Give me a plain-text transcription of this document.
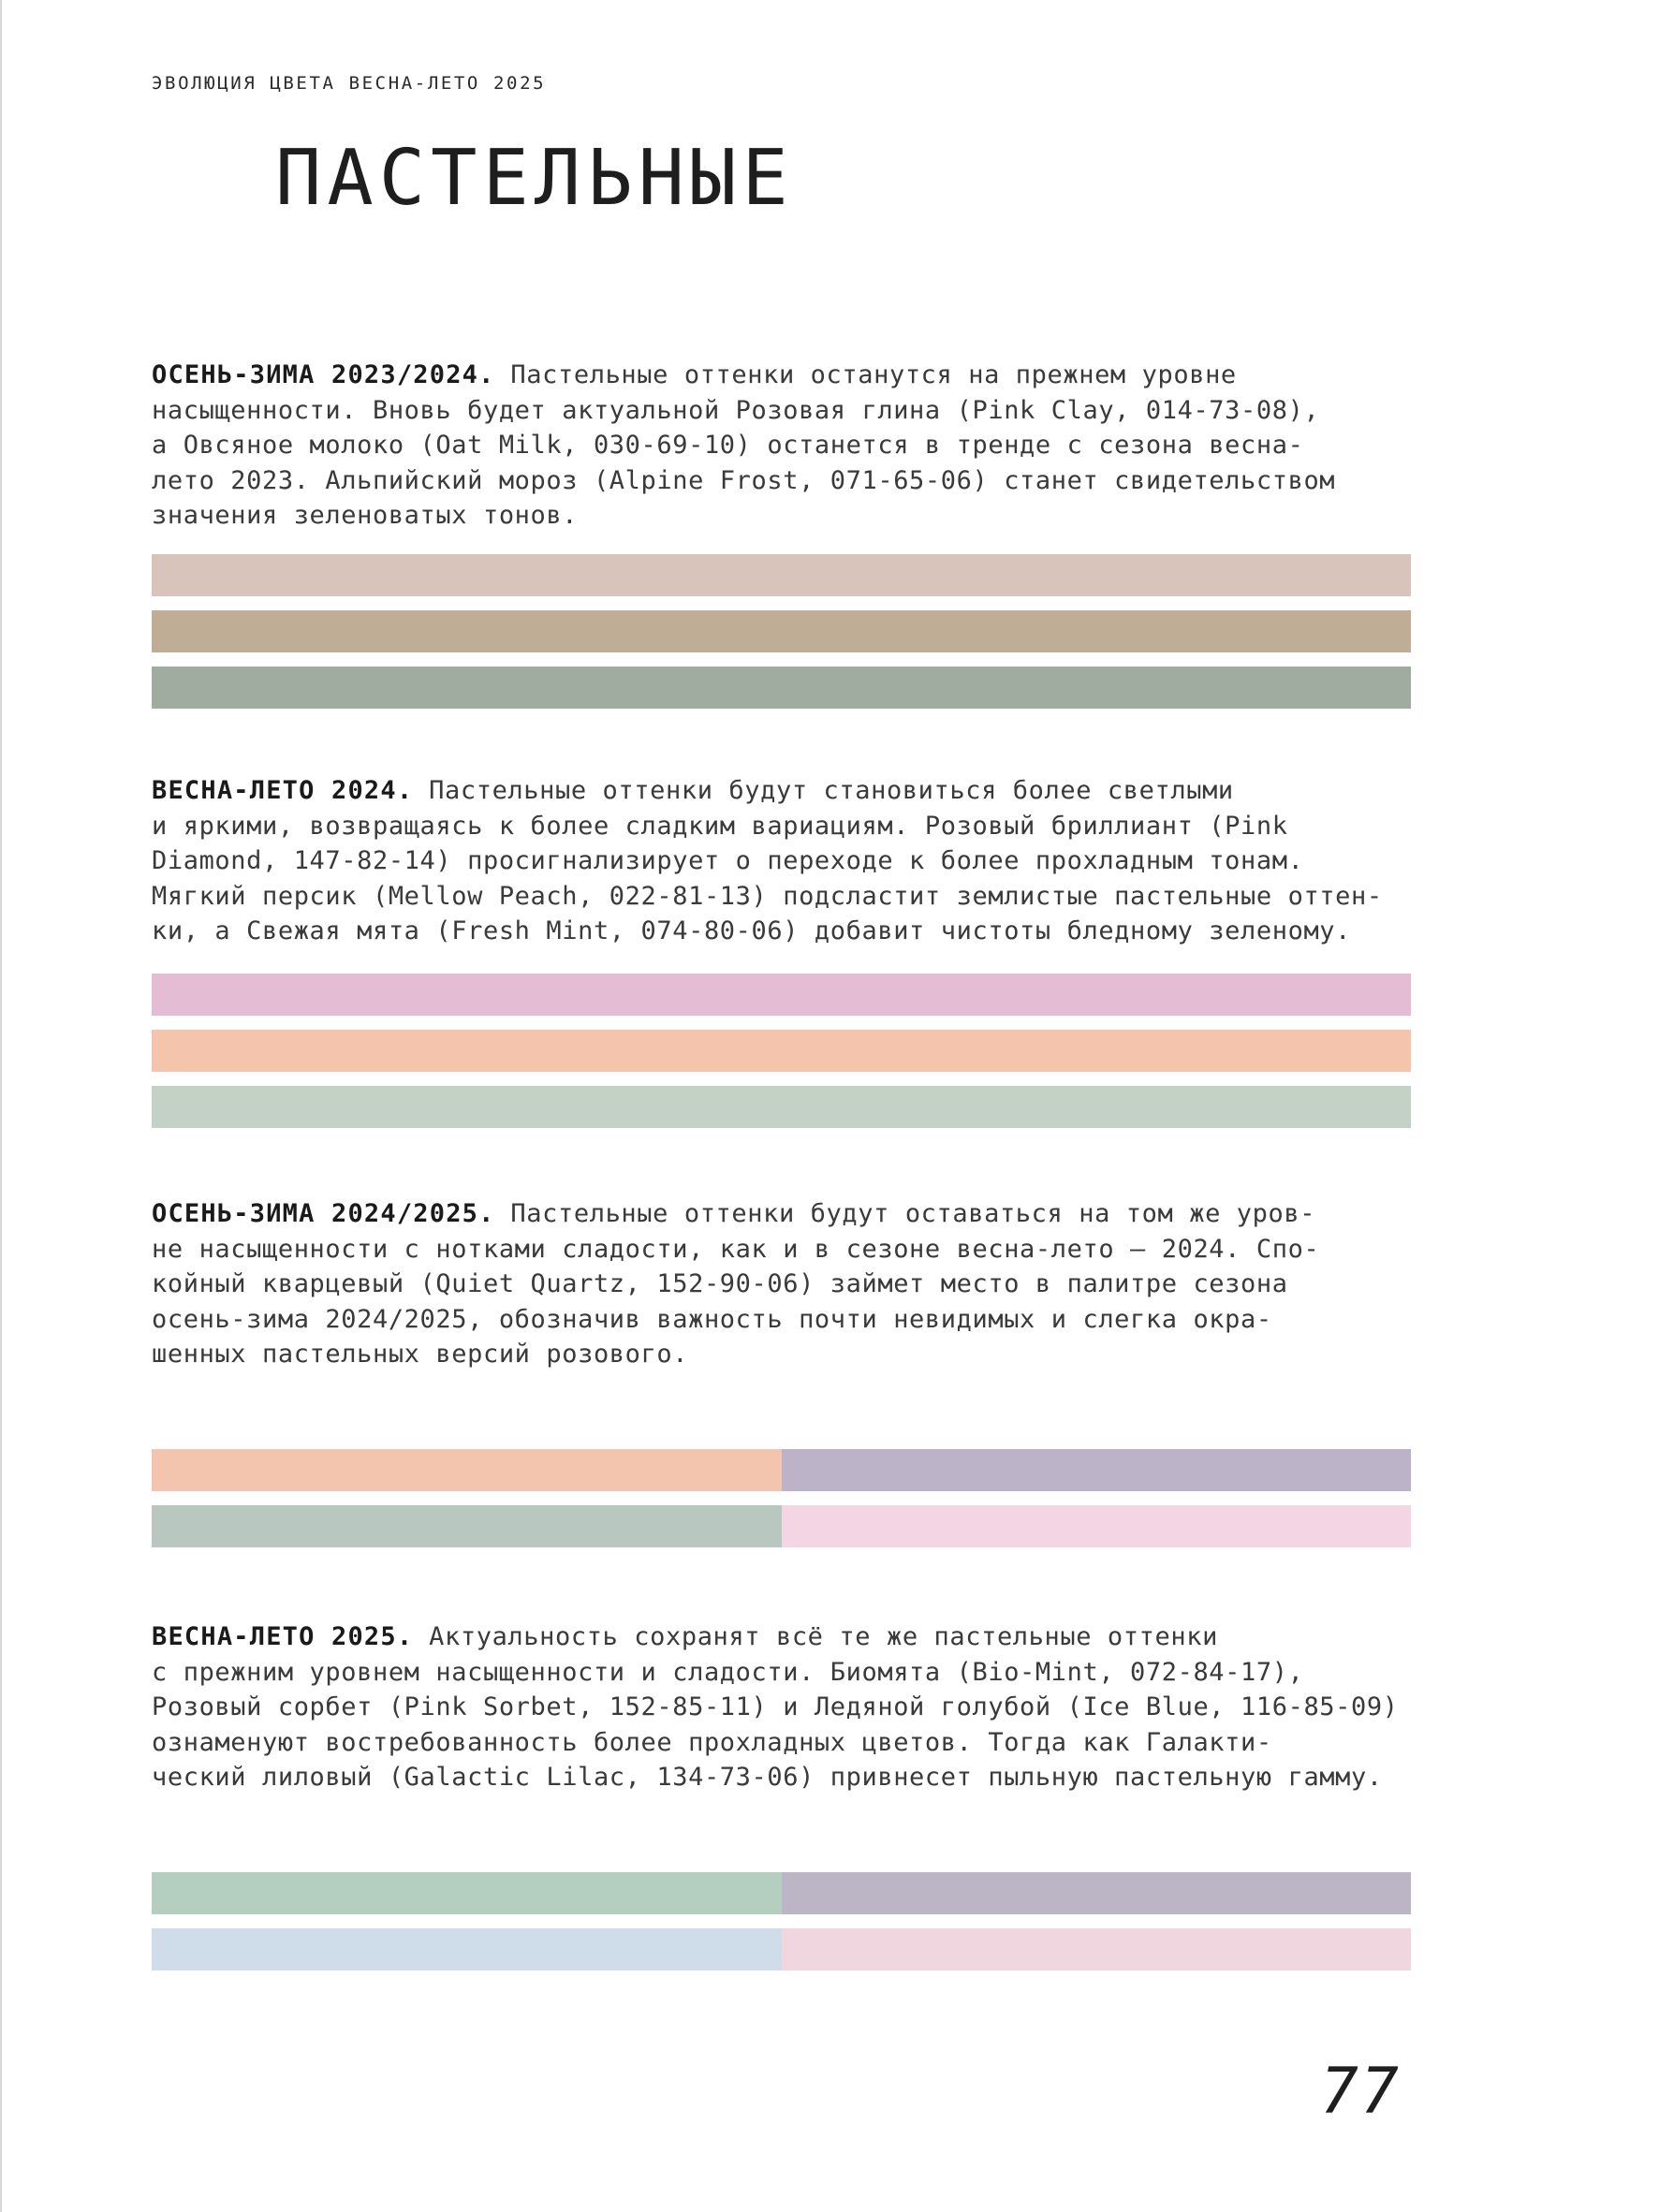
ЭВОЛЮЦИЯ ЦВЕТА ВЕСНА-ЛЕТО 2025
ПАСТЕЛЬНЫЕ

ОСЕНЬ-ЗИМА 2023/2024. Пастельные оттенки останутся на прежнем уровне
насыщенности. Вновь будет актуальной Розовая глина (Pink Clay, 014-73-08),
а Овсяное молоко (Oat Milk, 030-69-10) останется в тренде с сезона весна-
лето 2023. Альпийский мороз (Alpine Frost, 071-65-06) станет свидетельством
значения зеленоватых тонов.

ВЕСНА-ЛЕТО 2024. Пастельные оттенки будут становиться более светлыми
и яркими, возвращаясь к более сладким вариациям. Розовый бриллиант (Pink
Diamond, 147-82-14) просигнализирует о переходе к более прохладным тонам.
Мягкий персик (Mellow Peach, 022-81-13) подсластит землистые пастельные оттен-
ки, а Свежая мята (Fresh Mint, 074-80-06) добавит чистоты бледному зеленому.

ОСЕНЬ-ЗИМА 2024/2025. Пастельные оттенки будут оставаться на том же уров-
не насыщенности с нотками сладости, как и в сезоне весна-лето — 2024. Спо-
койный кварцевый (Quiet Quartz, 152-90-06) займет место в палитре сезона
осень-зима 2024/2025, обозначив важность почти невидимых и слегка окра-
шенных пастельных версий розового.

ВЕСНА-ЛЕТО 2025. Актуальность сохранят всё те же пастельные оттенки
с прежним уровнем насыщенности и сладости. Биомята (Bio-Mint, 072-84-17),
Розовый сорбет (Pink Sorbet, 152-85-11) и Ледяной голубой (Ice Blue, 116-85-09)
ознаменуют востребованность более прохладных цветов. Тогда как Галакти-
ческий лиловый (Galactic Lilac, 134-73-06) привнесет пыльную пастельную гамму.

77
